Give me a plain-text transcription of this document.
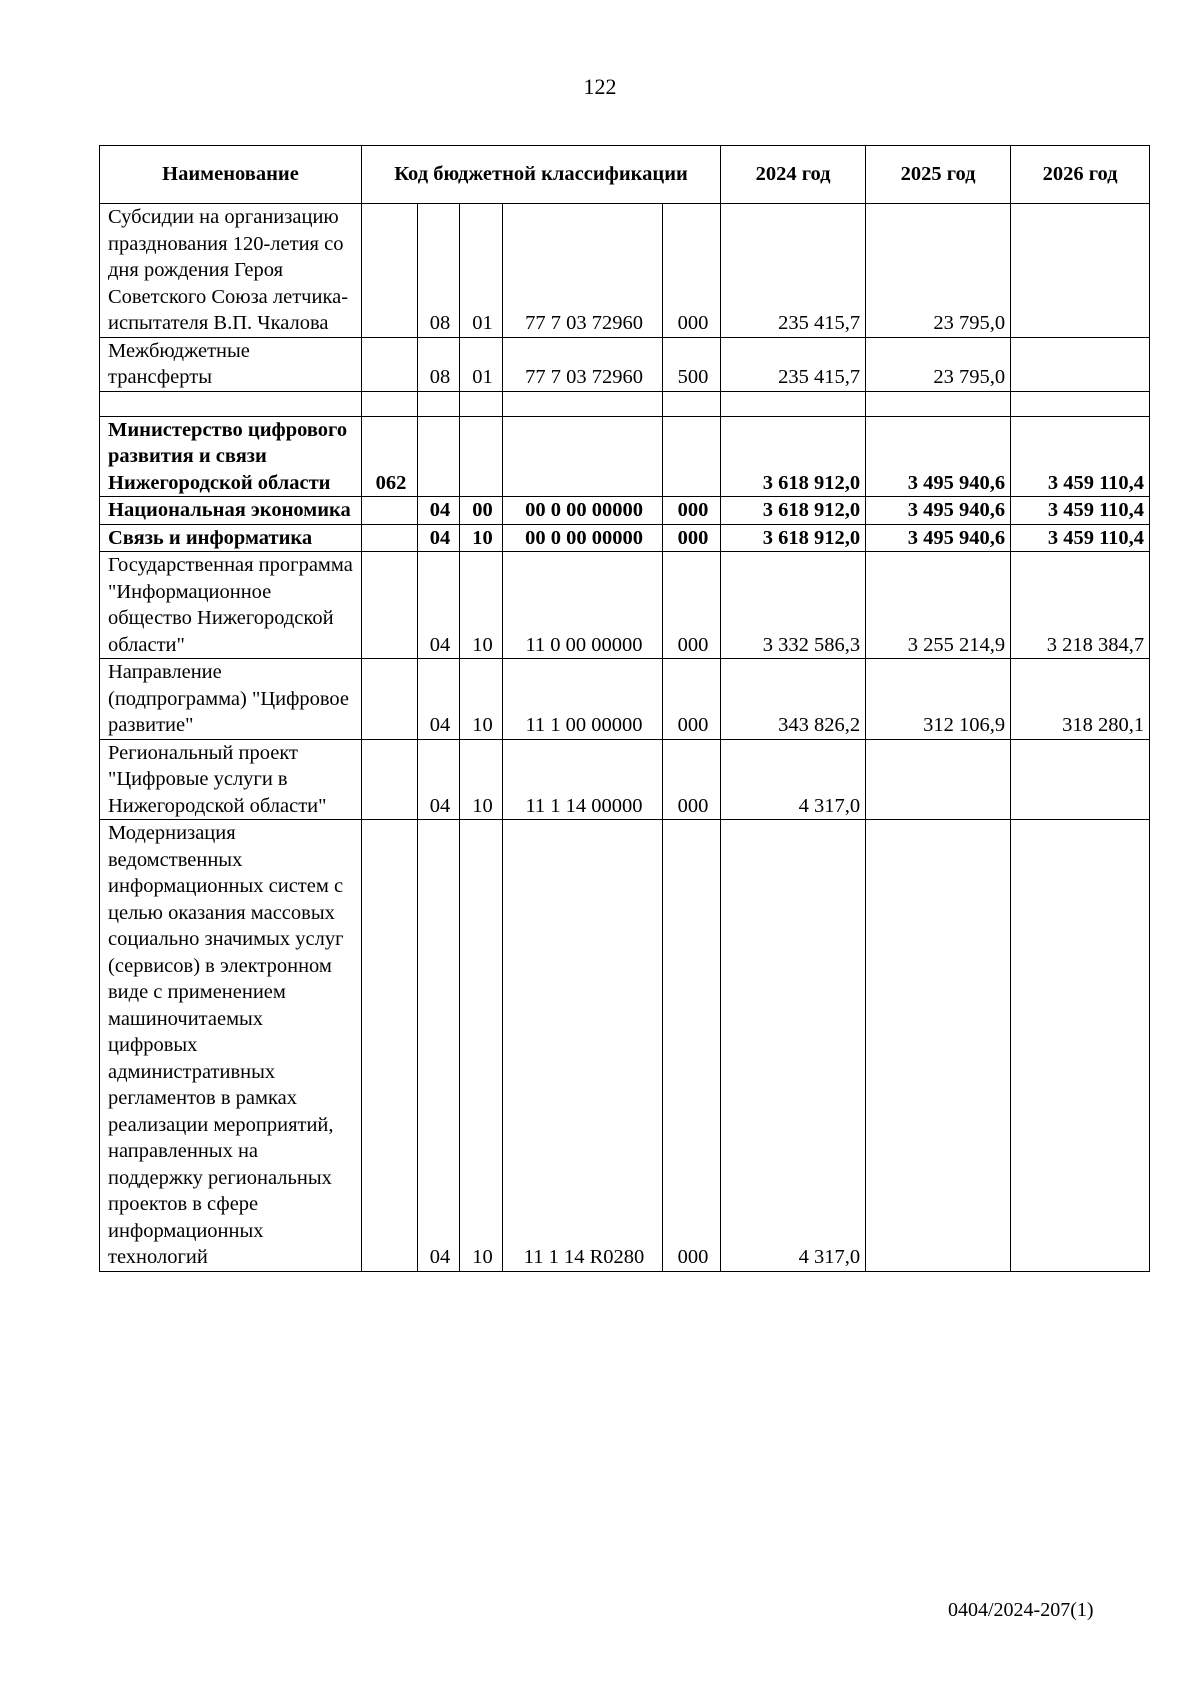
122
Наименование	Код бюджетной классификации					2024 год	2025 год	2026 год
Субсидии на организацию празднования 120-летия со дня рождения Героя Советского Союза летчика-испытателя В.П. Чкалова		08	01	77 7 03 72960	000	235 415,7	23 795,0	
Межбюджетные трансферты		08	01	77 7 03 72960	500	235 415,7	23 795,0	

Министерство цифрового развития и связи Нижегородской области	062					3 618 912,0	3 495 940,6	3 459 110,4
Национальная экономика		04	00	00 0 00 00000	000	3 618 912,0	3 495 940,6	3 459 110,4
Связь и информатика		04	10	00 0 00 00000	000	3 618 912,0	3 495 940,6	3 459 110,4
Государственная программа "Информационное общество Нижегородской области"		04	10	11 0 00 00000	000	3 332 586,3	3 255 214,9	3 218 384,7
Направление (подпрограмма) "Цифровое развитие"		04	10	11 1 00 00000	000	343 826,2	312 106,9	318 280,1
Региональный проект "Цифровые услуги в Нижегородской области"		04	10	11 1 14 00000	000	4 317,0		
Модернизация ведомственных информационных систем с целью оказания массовых социально значимых услуг (сервисов) в электронном виде с применением машиночитаемых цифровых административных регламентов в рамках реализации мероприятий, направленных на поддержку региональных проектов в сфере информационных технологий		04	10	11 1 14 R0280	000	4 317,0		
0404/2024-207(1)
